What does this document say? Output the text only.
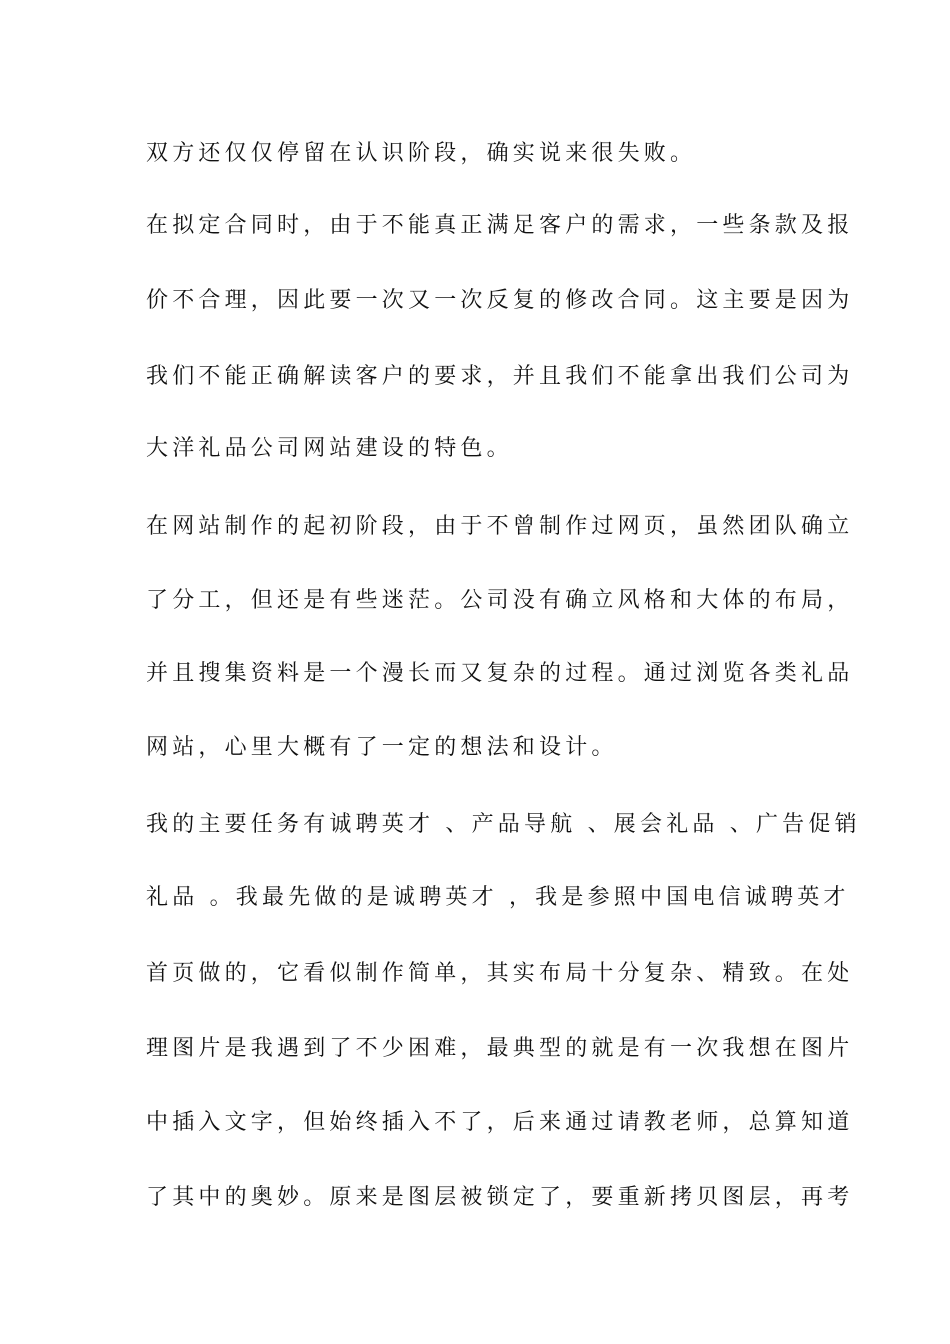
双方还仅仅停留在认识阶段，确实说来很失败。
在拟定合同时，由于不能真正满足客户的需求，一些条款及报
价不合理，因此要一次又一次反复的修改合同。这主要是因为
我们不能正确解读客户的要求，并且我们不能拿出我们公司为
大洋礼品公司网站建设的特色。
在网站制作的起初阶段，由于不曾制作过网页，虽然团队确立
了分工，但还是有些迷茫。公司没有确立风格和大体的布局，
并且搜集资料是一个漫长而又复杂的过程。通过浏览各类礼品
网站，心里大概有了一定的想法和设计。
我的主要任务有诚聘英才 、产品导航 、展会礼品 、广告促销
礼品 。我最先做的是诚聘英才 ，我是参照中国电信诚聘英才
首页做的，它看似制作简单，其实布局十分复杂、精致。在处
理图片是我遇到了不少困难，最典型的就是有一次我想在图片
中插入文字，但始终插入不了，后来通过请教老师，总算知道
了其中的奥妙。原来是图层被锁定了，要重新拷贝图层，再考
